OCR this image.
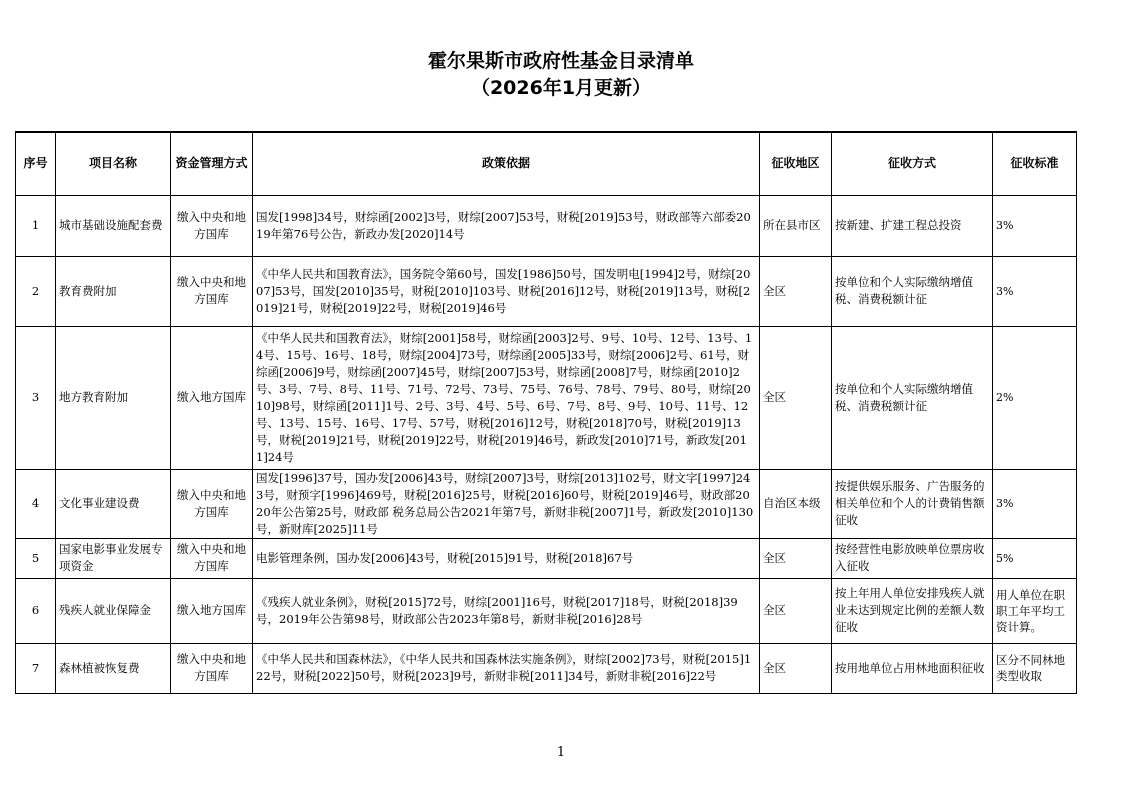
霍尔果斯市政府性基金目录清单
（2026年1月更新）
序号	项目名称	资金管理方式	政策依据	征收地区	征收方式	征收标准
1	城市基础设施配套费	缴入中央和地方国库	国发[1998]34号，财综函[2002]3号，财综[2007]53号，财税[2019]53号，财政部等六部委2019年第76号公告，新政办发[2020]14号	所在县市区	按新建、扩建工程总投资	3%
2	教育费附加	缴入中央和地方国库	《中华人民共和国教育法》，国务院令第60号，国发[1986]50号，国发明电[1994]2号，财综[2007]53号，国发[2010]35号，财税[2010]103号、财税[2016]12号，财税[2019]13号，财税[2019]21号，财税[2019]22号，财税[2019]46号	全区	按单位和个人实际缴纳增值税、消费税额计征	3%
3	地方教育附加	缴入地方国库	《中华人民共和国教育法》，财综[2001]58号，财综函[2003]2号、9号、10号、12号、13号、14号、15号、16号、18号，财综[2004]73号，财综函[2005]33号，财综[2006]2号、61号，财综函[2006]9号，财综函[2007]45号，财综[2007]53号，财综函[2008]7号，财综函[2010]2号、3号、7号、8号、11号、71号、72号、73号、75号、76号、78号、79号、80号，财综[2010]98号，财综函[2011]1号、2号、3号、4号、5号、6号、7号、8号、9号、10号、11号、12号、13号、15号、16号、17号、57号，财税[2016]12号，财税[2018]70号，财税[2019]13号，财税[2019]21号，财税[2019]22号，财税[2019]46号，新政发[2010]71号，新政发[2011]24号	全区	按单位和个人实际缴纳增值税、消费税额计征	2%
4	文化事业建设费	缴入中央和地方国库	国发[1996]37号，国办发[2006]43号，财综[2007]3号，财综[2013]102号，财文字[1997]243号，财预字[1996]469号，财税[2016]25号，财税[2016]60号，财税[2019]46号，财政部2020年公告第25号，财政部 税务总局公告2021年第7号，新财非税[2007]1号，新政发[2010]130号，新财库[2025]11号	自治区本级	按提供娱乐服务、广告服务的相关单位和个人的计费销售额征收	3%
5	国家电影事业发展专项资金	缴入中央和地方国库	电影管理条例，国办发[2006]43号，财税[2015]91号，财税[2018]67号	全区	按经营性电影放映单位票房收入征收	5%
6	残疾人就业保障金	缴入地方国库	《残疾人就业条例》，财税[2015]72号，财综[2001]16号，财税[2017]18号，财税[2018]39号，2019年公告第98号，财政部公告2023年第8号，新财非税[2016]28号	全区	按上年用人单位安排残疾人就业未达到规定比例的差额人数征收	用人单位在职职工年平均工资计算。
7	森林植被恢复费	缴入中央和地方国库	《中华人民共和国森林法》，《中华人民共和国森林法实施条例》，财综[2002]73号，财税[2015]122号，财税[2022]50号，财税[2023]9号，新财非税[2011]34号，新财非税[2016]22号	全区	按用地单位占用林地面积征收	区分不同林地类型收取
1
